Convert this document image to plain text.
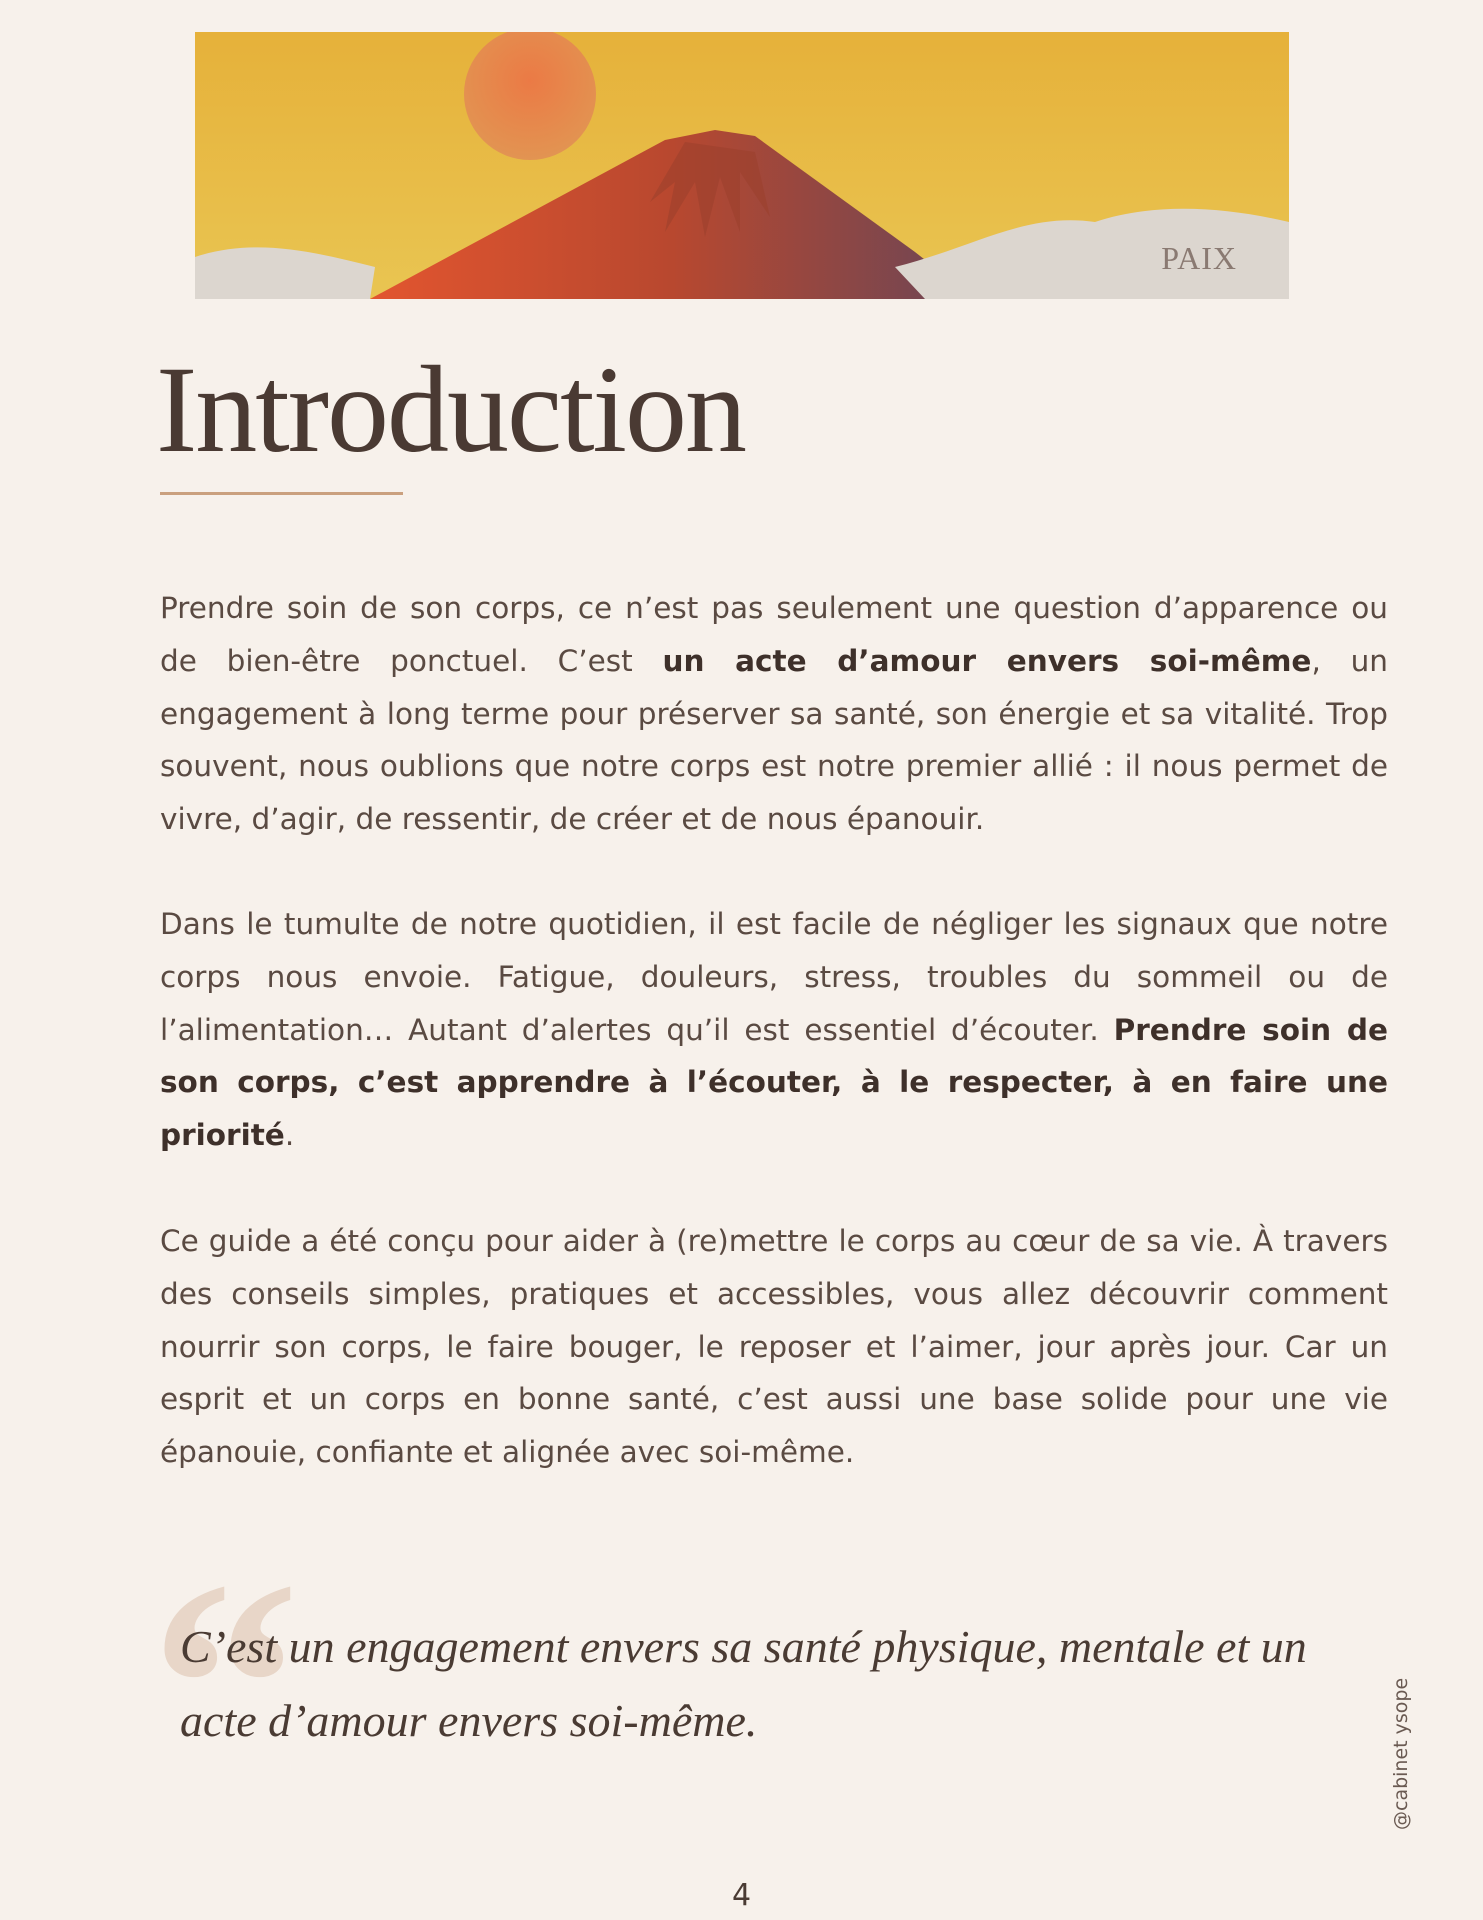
PAIX
Introduction

Prendre soin de son corps, ce n’est pas seulement une question d’apparence ou de bien-être ponctuel. C’est un acte d’amour envers soi-même, un engagement à long terme pour préserver sa santé, son énergie et sa vitalité. Trop souvent, nous oublions que notre corps est notre premier allié : il nous permet de vivre, d’agir, de ressentir, de créer et de nous épanouir.

Dans le tumulte de notre quotidien, il est facile de négliger les signaux que notre corps nous envoie. Fatigue, douleurs, stress, troubles du sommeil ou de l’alimentation… Autant d’alertes qu’il est essentiel d’écouter. Prendre soin de son corps, c’est apprendre à l’écouter, à le respecter, à en faire une priorité.

Ce guide a été conçu pour aider à (re)mettre le corps au cœur de sa vie. À travers des conseils simples, pratiques et accessibles, vous allez découvrir comment nourrir son corps, le faire bouger, le reposer et l’aimer, jour après jour. Car un esprit et un corps en bonne santé, c’est aussi une base solide pour une vie épanouie, confiante et alignée avec soi-même.

“

C’est un engagement envers sa santé physique, mentale et un acte d’amour envers soi-même.	@cabinet ysope
4
